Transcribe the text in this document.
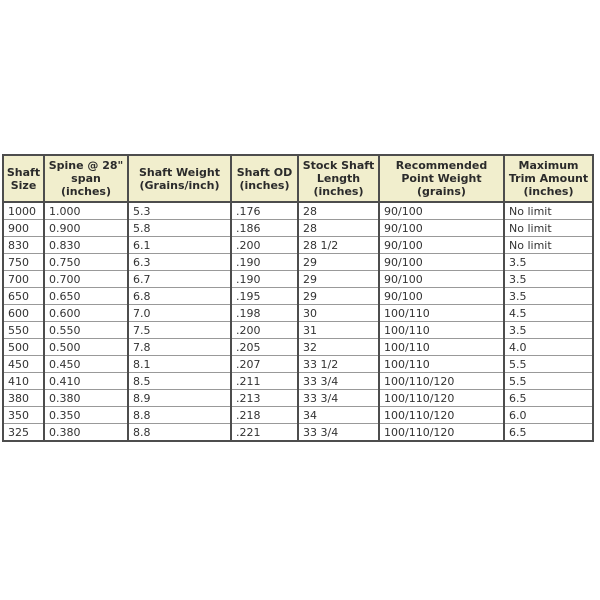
Shaft Size	Spine @ 28" span (inches)	Shaft Weight (Grains/inch)	Shaft OD (inches)	Stock Shaft Length (inches)	Recommended Point Weight (grains)	Maximum Trim Amount (inches)
1000	1.000	5.3	.176	28	90/100	No limit
900	0.900	5.8	.186	28	90/100	No limit
830	0.830	6.1	.200	28 1/2	90/100	No limit
750	0.750	6.3	.190	29	90/100	3.5
700	0.700	6.7	.190	29	90/100	3.5
650	0.650	6.8	.195	29	90/100	3.5
600	0.600	7.0	.198	30	100/110	4.5
550	0.550	7.5	.200	31	100/110	3.5
500	0.500	7.8	.205	32	100/110	4.0
450	0.450	8.1	.207	33 1/2	100/110	5.5
410	0.410	8.5	.211	33 3/4	100/110/120	5.5
380	0.380	8.9	.213	33 3/4	100/110/120	6.5
350	0.350	8.8	.218	34	100/110/120	6.0
325	0.380	8.8	.221	33 3/4	100/110/120	6.5
